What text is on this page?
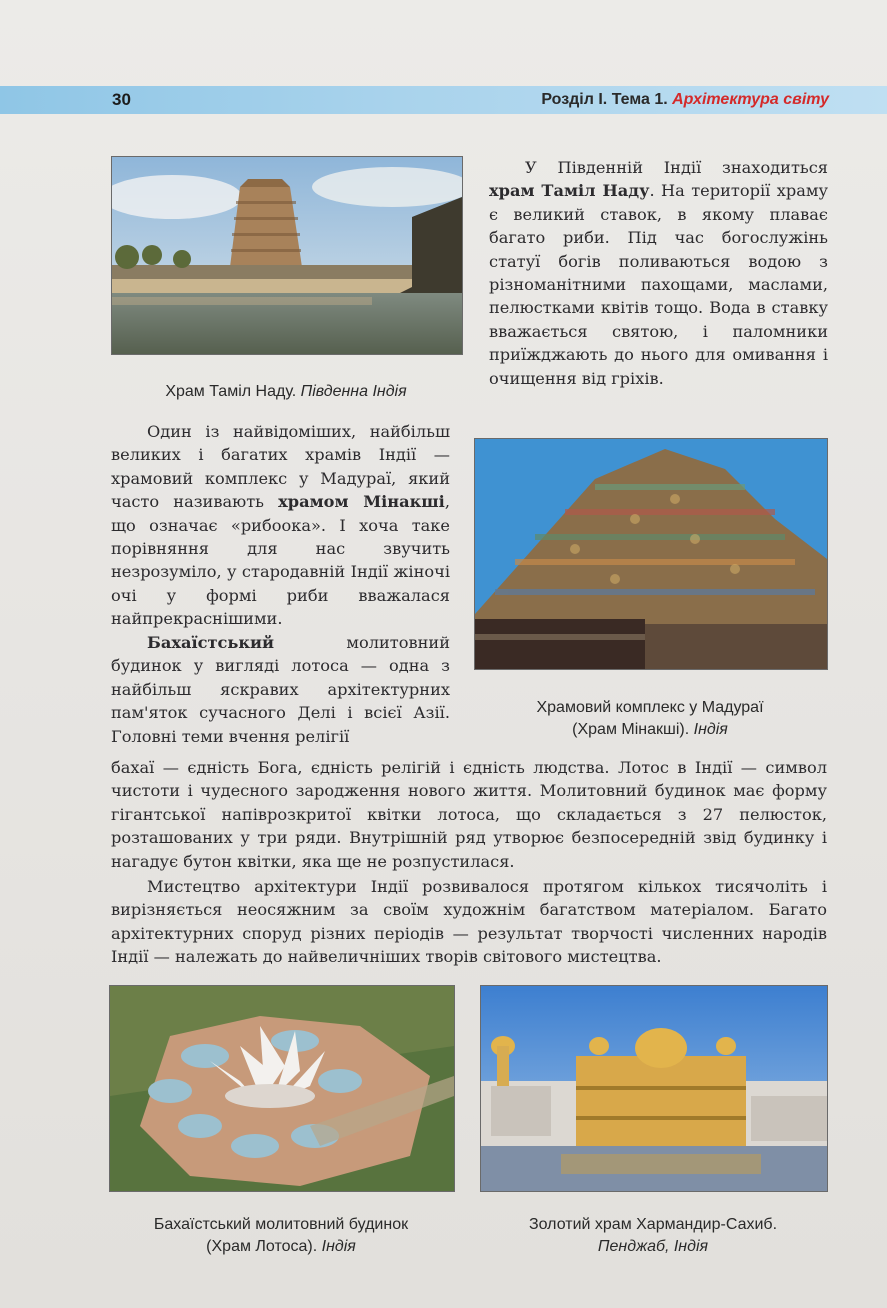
30	Розділ І. Тема 1. Архітектура світу
Храм Таміл Наду. Південна Індія

У Південній Індії знаходиться храм Таміл Наду. На території храму є великий ставок, в якому плаває багато риби. Під час богослужінь статуї богів поливаються водою з різноманітними пахощами, маслами, пелюстками квітів тощо. Вода в ставку вважається святою, і паломники приїжджають до нього для омивання і очищення від гріхів.

Храмовий комплекс у Мадураї
(Храм Мінакші). Індія

Один із найвідоміших, найбільш великих і багатих храмів Індії — храмовий комплекс у Мадураї, який часто називають храмом Мінакші, що означає «рибоока». І хоча таке порівняння для нас звучить незрозуміло, у стародавній Індії жіночі очі у формі риби вважалася найпрекраснішими.

Бахаїстський молитовний будинок у вигляді лотоса — одна з найбільш яскравих архітектурних пам'яток сучасного Делі і всієї Азії. Головні теми вчення релігії

бахаї — єдність Бога, єдність релігій і єдність людства. Лотос в Індії — символ чистоти і чудесного зародження нового життя. Молитовний будинок має форму гігантської напіврозкритої квітки лотоса, що складається з 27 пелюсток, розташованих у три ряди. Внутрішній ряд утворює безпосередній звід будинку і нагадує бутон квітки, яка ще не розпустилася.

Мистецтво архітектури Індії розвивалося протягом кількох тисячоліть і вирізняється неосяжним за своїм художнім багатством матеріалом. Багато архітектурних споруд різних періодів — результат творчості численних народів Індії — належать до найвеличніших творів світового мистецтва.

Бахаїстський молитовний будинок
(Храм Лотоса). Індія
Золотий храм Хармандир-Сахиб.
Пенджаб, Індія
